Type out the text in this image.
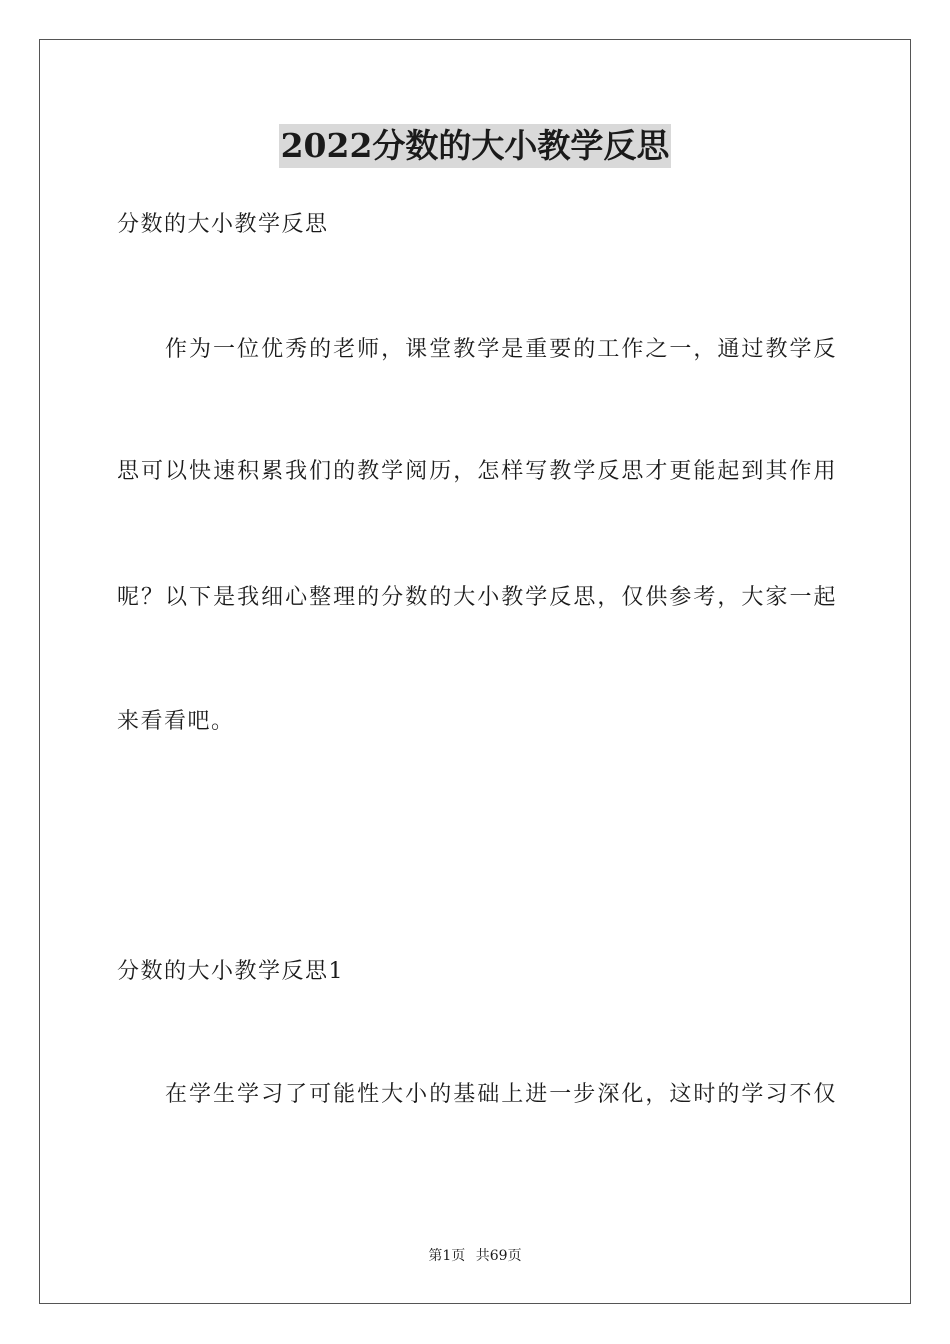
2022分数的大小教学反思
分数的大小教学反思
作为一位优秀的老师，课堂教学是重要的工作之一，通过教学反
思可以快速积累我们的教学阅历，怎样写教学反思才更能起到其作用
呢？以下是我细心整理的分数的大小教学反思，仅供参考，大家一起
来看看吧。
分数的大小教学反思1
在学生学习了可能性大小的基础上进一步深化，这时的学习不仅
第1页 共69页
